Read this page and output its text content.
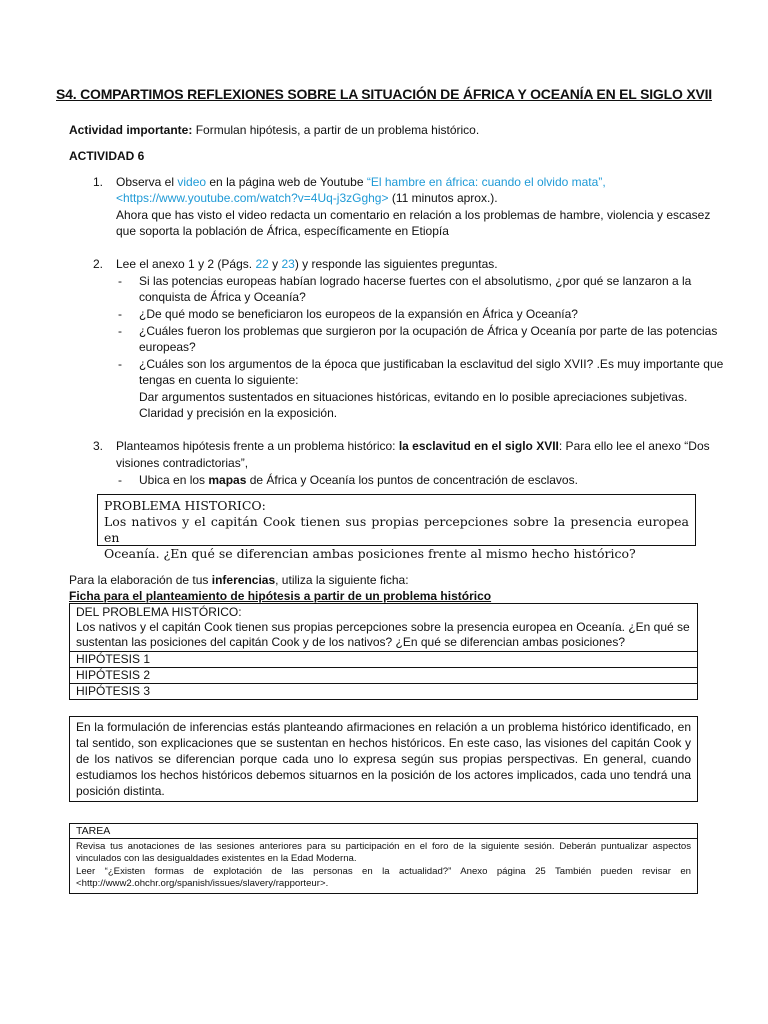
S4. COMPARTIMOS REFLEXIONES SOBRE LA SITUACIÓN DE ÁFRICA Y OCEANÍA EN EL SIGLO XVII
Actividad importante: Formulan hipótesis, a partir de un problema histórico.
ACTIVIDAD 6
1. Observa el video en la página web de Youtube “El hambre en áfrica: cuando el olvido mata”,
<https://www.youtube.com/watch?v=4Uq-j3zGghg> (11 minutos aprox.).
Ahora que has visto el video redacta un comentario en relación a los problemas de hambre, violencia y escasez
que soporta la población de África, específicamente en Etiopía
2. Lee el anexo 1 y 2 (Págs. 22 y 23) y responde las siguientes preguntas.
- Si las potencias europeas habían logrado hacerse fuertes con el absolutismo, ¿por qué se lanzaron a la
conquista de África y Oceanía?
- ¿De qué modo se beneficiaron los europeos de la expansión en África y Oceanía?
- ¿Cuáles fueron los problemas que surgieron por la ocupación de África y Oceanía por parte de las potencias
europeas?
- ¿Cuáles son los argumentos de la época que justificaban la esclavitud del siglo XVII? .Es muy importante que
tengas en cuenta lo siguiente:
Dar argumentos sustentados en situaciones históricas, evitando en lo posible apreciaciones subjetivas.
Claridad y precisión en la exposición.
3. Planteamos hipótesis frente a un problema histórico: la esclavitud en el siglo XVII: Para ello lee el anexo “Dos
visiones contradictorias”,
- Ubica en los mapas de África y Oceanía los puntos de concentración de esclavos.

PROBLEMA HISTORICO:

Los nativos y el capitán Cook tienen sus propias percepciones sobre la presencia europea en

Oceanía. ¿En qué se diferencian ambas posiciones frente al mismo hecho histórico?

Para la elaboración de tus inferencias, utiliza la siguiente ficha:
Ficha para el planteamiento de hipótesis a partir de un problema histórico
DEL PROBLEMA HISTÓRICO:
Los nativos y el capitán Cook tienen sus propias percepciones sobre la presencia europea en Oceanía. ¿En qué se
sustentan las posiciones del capitán Cook y de los nativos? ¿En qué se diferencian ambas posiciones?
HIPÓTESIS 1
HIPÓTESIS 2
HIPÓTESIS 3
En la formulación de inferencias estás planteando afirmaciones en relación a un problema histórico identificado, en tal sentido, son explicaciones que se sustentan en hechos históricos. En este caso, las visiones del capitán Cook y de los nativos se diferencian porque cada uno lo expresa según sus propias perspectivas. En general, cuando estudiamos los hechos históricos debemos situarnos en la posición de los actores implicados, cada uno tendrá una posición distinta.
TAREA

Revisa tus anotaciones de las sesiones anteriores para su participación en el foro de la siguiente sesión. Deberán puntualizar aspectos vinculados con las desigualdades existentes en la Edad Moderna.

Leer “¿Existen formas de explotación de las personas en la actualidad?” Anexo página 25 También pueden revisar en <http://www2.ohchr.org/spanish/issues/slavery/rapporteur>.
